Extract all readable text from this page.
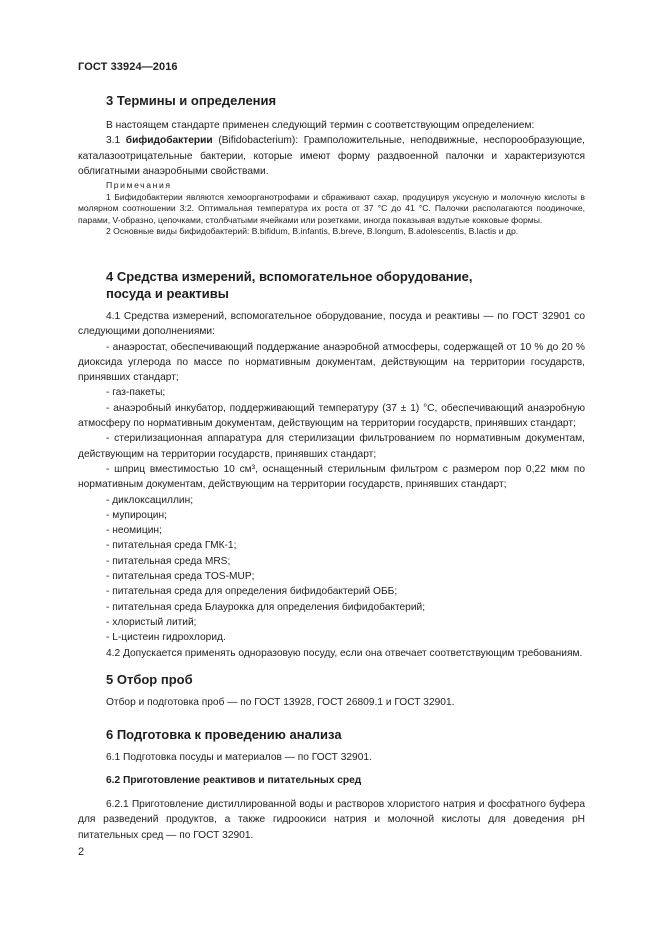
ГОСТ 33924—2016

3 Термины и определения

В настоящем стандарте применен следующий термин с соответствующим определением:

3.1 бифидобактерии (Bifidobacterium): Грамположительные, неподвижные, неспорообразующие, каталазоотрицательные бактерии, которые имеют форму раздвоенной палочки и характеризуются облигатными анаэробными свойствами.

Примечания

1 Бифидобактерии являются хемоорганотрофами и сбраживают сахар, продуцируя уксусную и молочную кислоты в молярном соотношении 3:2. Оптимальная температура их роста от 37 °С до 41 °С. Палочки располагаются поодиночке, парами, V-образно, цепочками, столбчатыми ячейками или розетками, иногда показывая вздутые кокковые формы.

2 Основные виды бифидобактерий: B.bifidum, B.infantis, B.breve, B.longum, B.adolescentis, B.lactis и др.

4 Средства измерений, вспомогательное оборудование,

посуда и реактивы

4.1 Средства измерений, вспомогательное оборудование, посуда и реактивы — по ГОСТ 32901 со следующими дополнениями:

- анаэростат, обеспечивающий поддержание анаэробной атмосферы, содержащей от 10 % до 20 % диоксида углерода по массе по нормативным документам, действующим на территории государств, принявших стандарт;

- газ-пакеты;

- анаэробный инкубатор, поддерживающий температуру (37 ± 1) °С, обеспечивающий анаэробную атмосферу по нормативным документам, действующим на территории государств, принявших стандарт;

- стерилизационная аппаратура для стерилизации фильтрованием по нормативным документам, действующим на территории государств, принявших стандарт;

- шприц вместимостью 10 см³, оснащенный стерильным фильтром с размером пор 0,22 мкм по нормативным документам, действующим на территории государств, принявших стандарт;

- диклоксациллин;

- мупироцин;

- неомицин;

- питательная среда ГМК-1;

- питательная среда MRS;

- питательная среда TOS-MUP;

- питательная среда для определения бифидобактерий ОББ;

- питательная среда Блаурокка для определения бифидобактерий;

- хлористый литий;

- L-цистеин гидрохлорид.

4.2 Допускается применять одноразовую посуду, если она отвечает соответствующим требованиям.

5 Отбор проб

Отбор и подготовка проб — по ГОСТ 13928, ГОСТ 26809.1 и ГОСТ 32901.

6 Подготовка к проведению анализа

6.1 Подготовка посуды и материалов — по ГОСТ 32901.

6.2 Приготовление реактивов и питательных сред

6.2.1 Приготовление дистиллированной воды и растворов хлористого натрия и фосфатного буфера для разведений продуктов, а также гидроокиси натрия и молочной кислоты для доведения pH питательных сред — по ГОСТ 32901.

2
